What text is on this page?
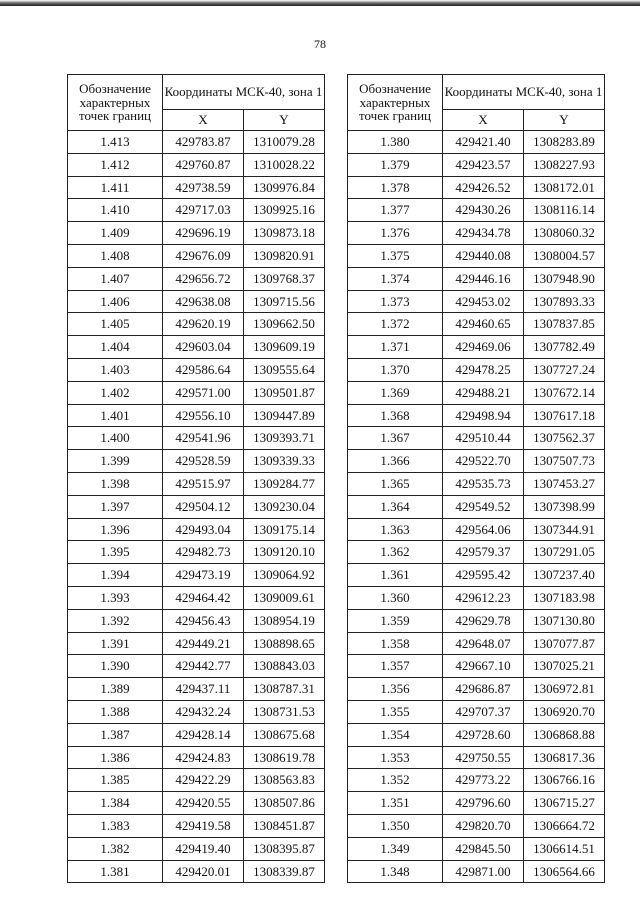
78
Обозначение характерных точек границ	Координаты МСК-40, зона 1	
	X	Y
1.413	429783.87	1310079.28
1.412	429760.87	1310028.22
1.411	429738.59	1309976.84
1.410	429717.03	1309925.16
1.409	429696.19	1309873.18
1.408	429676.09	1309820.91
1.407	429656.72	1309768.37
1.406	429638.08	1309715.56
1.405	429620.19	1309662.50
1.404	429603.04	1309609.19
1.403	429586.64	1309555.64
1.402	429571.00	1309501.87
1.401	429556.10	1309447.89
1.400	429541.96	1309393.71
1.399	429528.59	1309339.33
1.398	429515.97	1309284.77
1.397	429504.12	1309230.04
1.396	429493.04	1309175.14
1.395	429482.73	1309120.10
1.394	429473.19	1309064.92
1.393	429464.42	1309009.61
1.392	429456.43	1308954.19
1.391	429449.21	1308898.65
1.390	429442.77	1308843.03
1.389	429437.11	1308787.31
1.388	429432.24	1308731.53
1.387	429428.14	1308675.68
1.386	429424.83	1308619.78
1.385	429422.29	1308563.83
1.384	429420.55	1308507.86
1.383	429419.58	1308451.87
1.382	429419.40	1308395.87
1.381	429420.01	1308339.87
Обозначение характерных точек границ	Координаты МСК-40, зона 1	
	X	Y
1.380	429421.40	1308283.89
1.379	429423.57	1308227.93
1.378	429426.52	1308172.01
1.377	429430.26	1308116.14
1.376	429434.78	1308060.32
1.375	429440.08	1308004.57
1.374	429446.16	1307948.90
1.373	429453.02	1307893.33
1.372	429460.65	1307837.85
1.371	429469.06	1307782.49
1.370	429478.25	1307727.24
1.369	429488.21	1307672.14
1.368	429498.94	1307617.18
1.367	429510.44	1307562.37
1.366	429522.70	1307507.73
1.365	429535.73	1307453.27
1.364	429549.52	1307398.99
1.363	429564.06	1307344.91
1.362	429579.37	1307291.05
1.361	429595.42	1307237.40
1.360	429612.23	1307183.98
1.359	429629.78	1307130.80
1.358	429648.07	1307077.87
1.357	429667.10	1307025.21
1.356	429686.87	1306972.81
1.355	429707.37	1306920.70
1.354	429728.60	1306868.88
1.353	429750.55	1306817.36
1.352	429773.22	1306766.16
1.351	429796.60	1306715.27
1.350	429820.70	1306664.72
1.349	429845.50	1306614.51
1.348	429871.00	1306564.66
